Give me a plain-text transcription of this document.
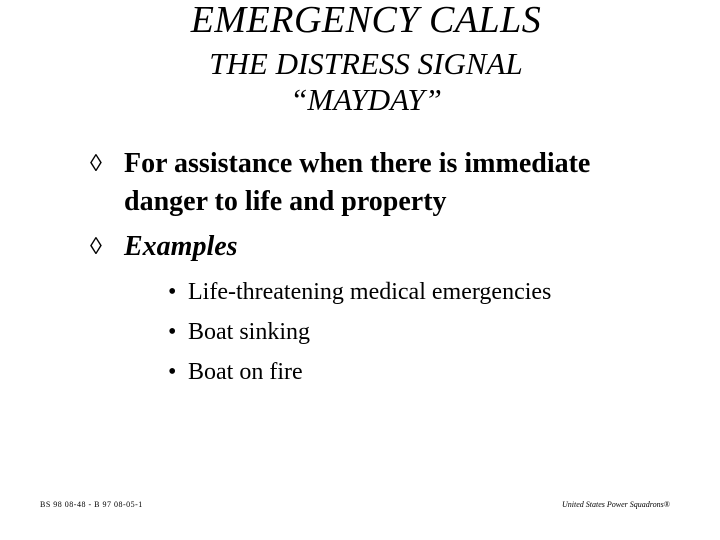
EMERGENCY CALLS
THE DISTRESS SIGNAL
“MAYDAY”
◊ For assistance when there is immediate
danger to life and property
◊ Examples
• Life-threatening medical emergencies
• Boat sinking
• Boat on fire
BS 98 08-48 - B 97 08-05-1	United States Power Squadrons®
